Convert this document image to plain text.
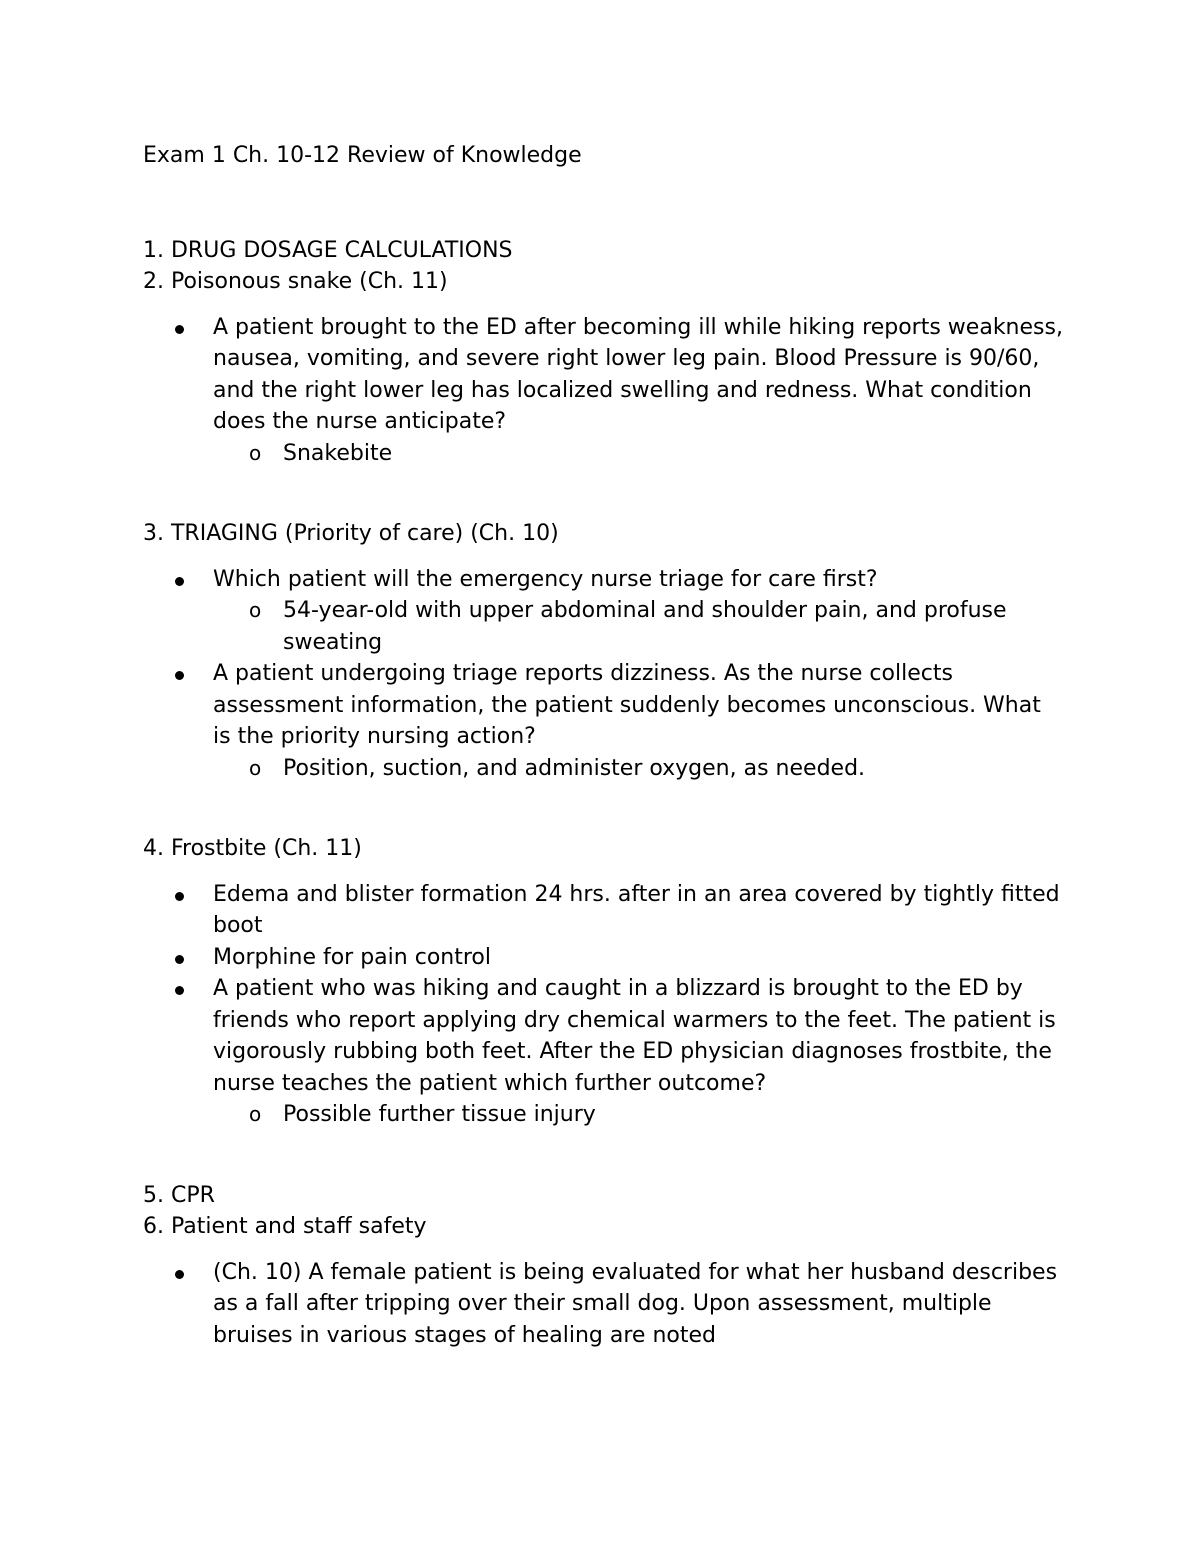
Exam 1 Ch. 10-12 Review of Knowledge

1. DRUG DOSAGE CALCULATIONS

2. Poisonous snake (Ch. 11)

A patient brought to the ED after becoming ill while hiking reports weakness, nausea, vomiting, and severe right lower leg pain. Blood Pressure is 90/60, and the right lower leg has localized swelling and redness. What condition does the nurse anticipate?
o Snakebite

3. TRIAGING (Priority of care) (Ch. 10)

Which patient will the emergency nurse triage for care first?
o 54-year-old with upper abdominal and shoulder pain, and profuse sweating
A patient undergoing triage reports dizziness. As the nurse collects assessment information, the patient suddenly becomes unconscious. What is the priority nursing action?
o Position, suction, and administer oxygen, as needed.

4. Frostbite (Ch. 11)

Edema and blister formation 24 hrs. after in an area covered by tightly fitted boot
Morphine for pain control
A patient who was hiking and caught in a blizzard is brought to the ED by friends who report applying dry chemical warmers to the feet. The patient is vigorously rubbing both feet. After the ED physician diagnoses frostbite, the nurse teaches the patient which further outcome?
o Possible further tissue injury

5. CPR

6. Patient and staff safety

(Ch. 10) A female patient is being evaluated for what her husband describes as a fall after tripping over their small dog. Upon assessment, multiple bruises in various stages of healing are noted
